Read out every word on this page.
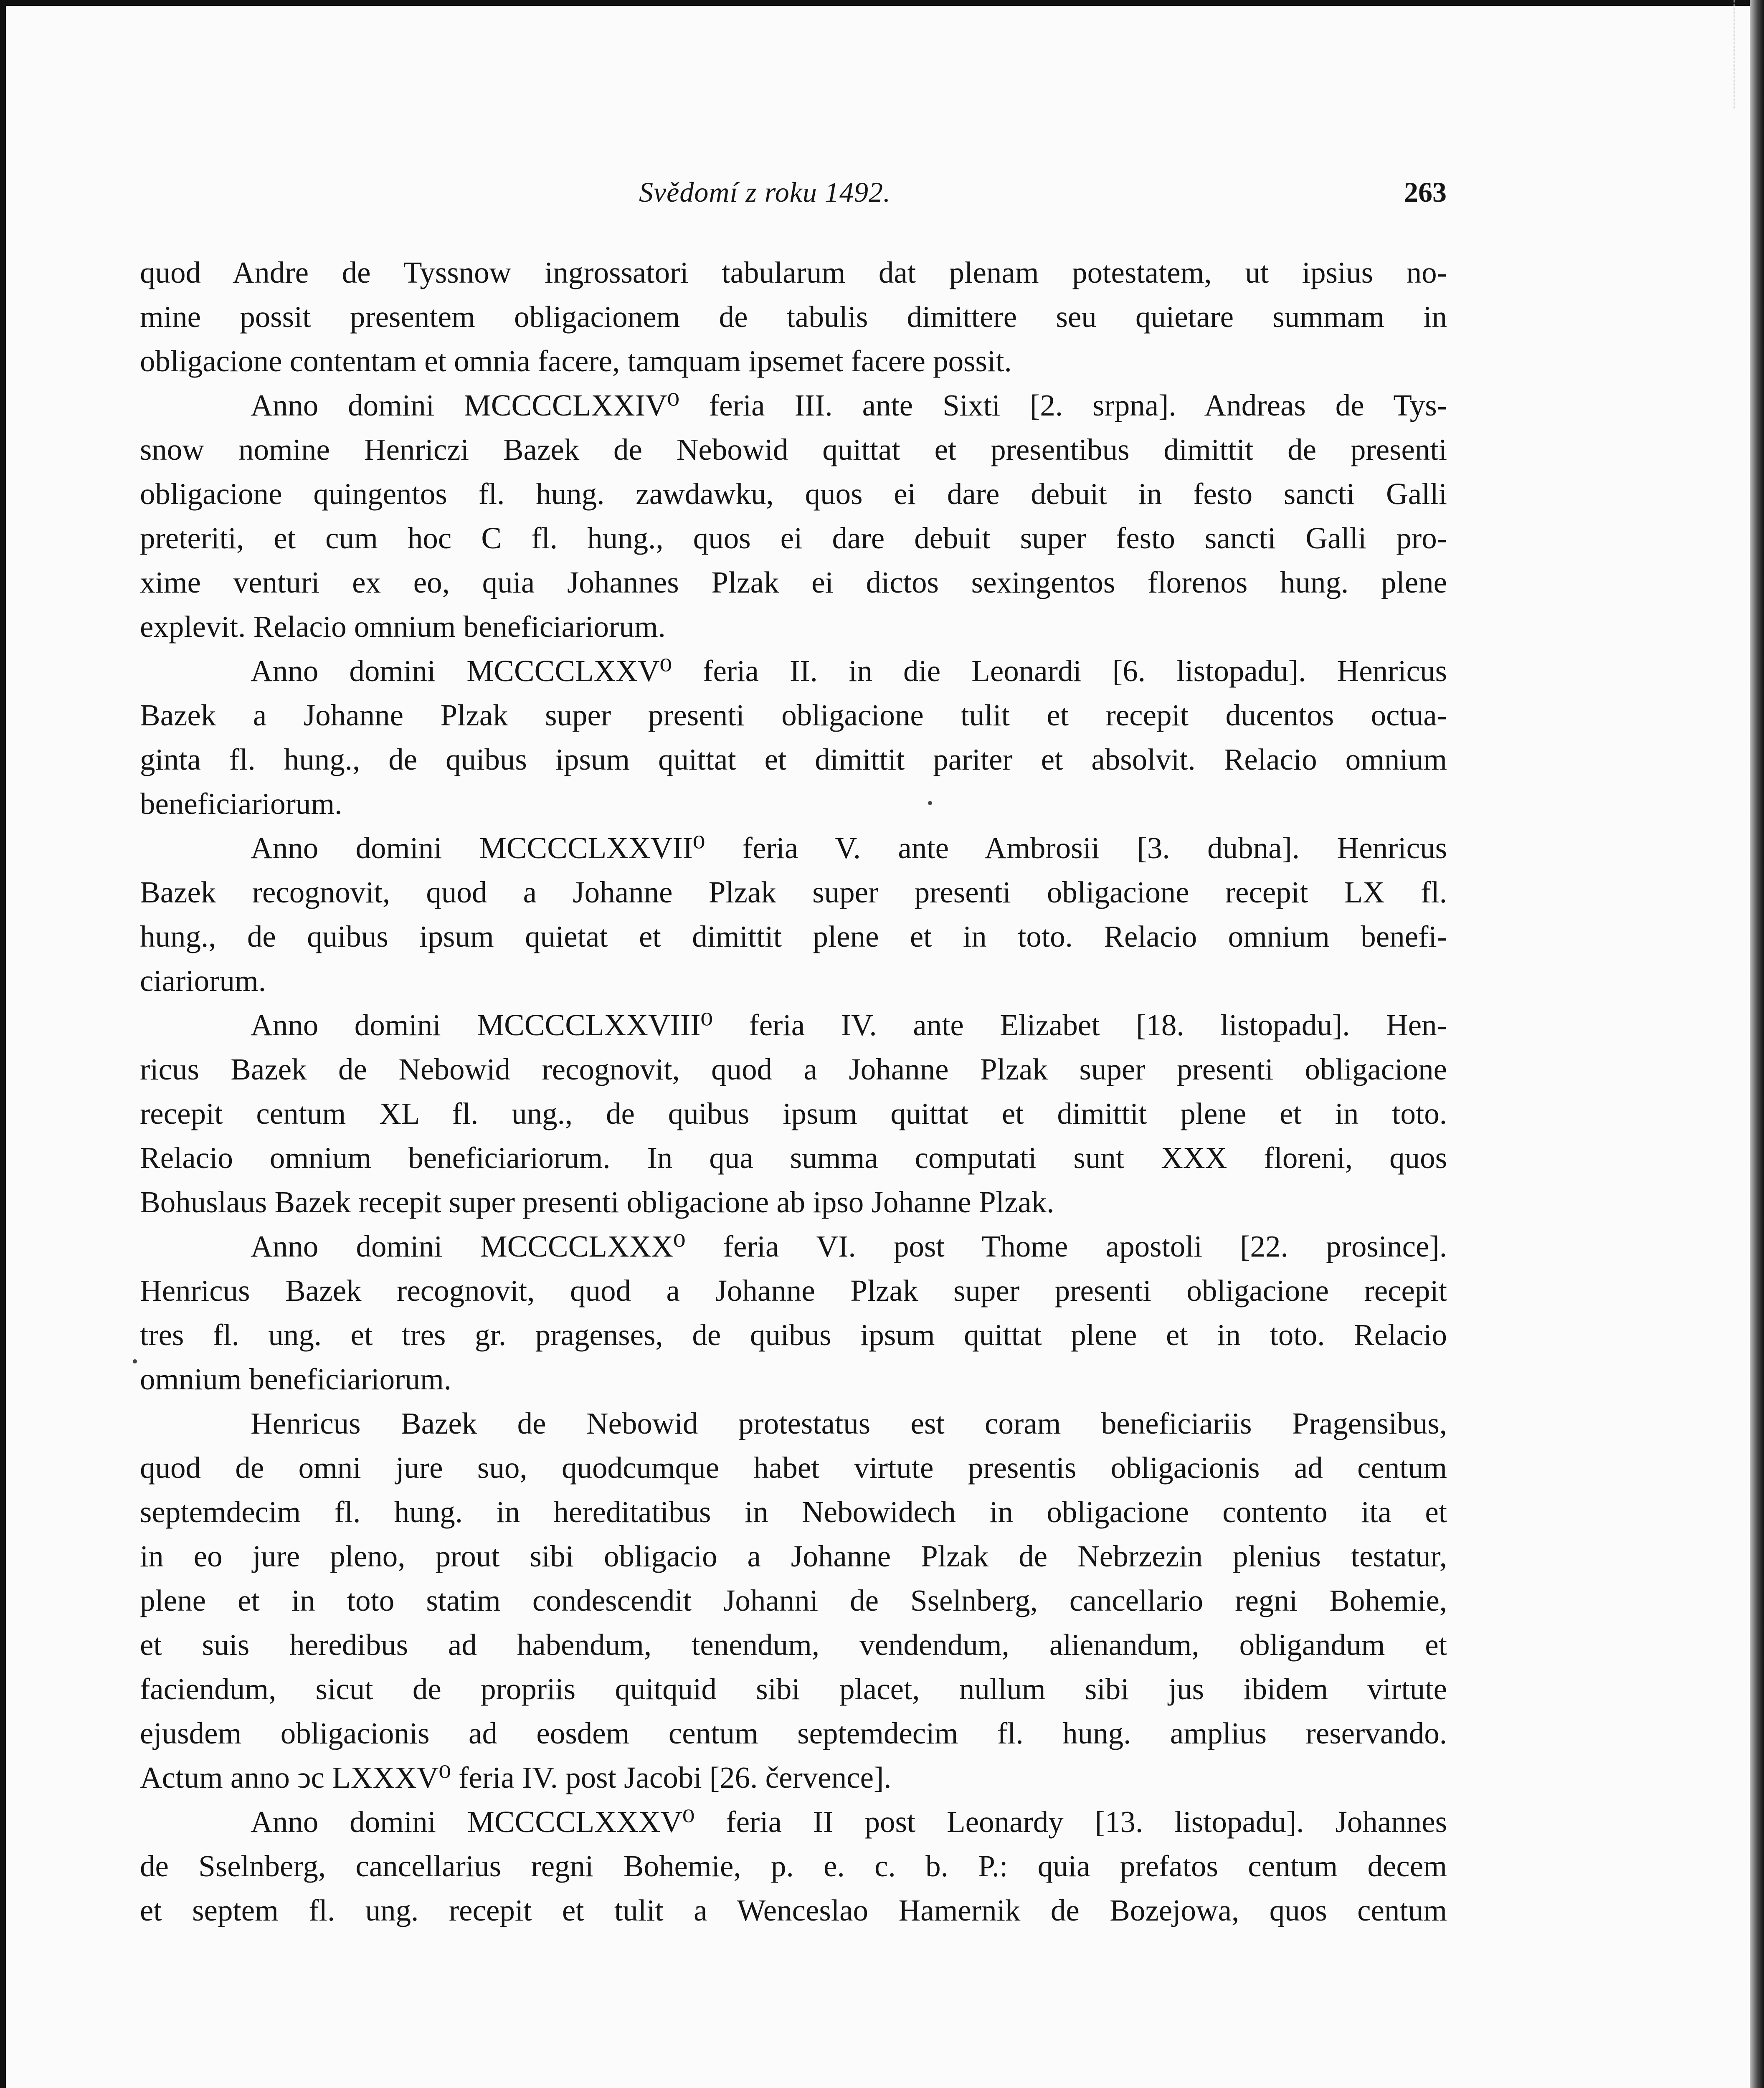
Svědomí z roku 1492.	263
quod Andre de Tyssnow ingrossatori tabularum dat plenam potestatem, ut ipsius no-
mine possit presentem obligacionem de tabulis dimittere seu quietare summam in
obligacione contentam et omnia facere, tamquam ipsemet facere possit.
Anno domini MCCCCLXXIV⁰ feria III. ante Sixti [2. srpna]. Andreas de Tys-
snow nomine Henriczi Bazek de Nebowid quittat et presentibus dimittit de presenti
obligacione quingentos fl. hung. zawdawku, quos ei dare debuit in festo sancti Galli
preteriti, et cum hoc C fl. hung., quos ei dare debuit super festo sancti Galli pro-
xime venturi ex eo, quia Johannes Plzak ei dictos sexingentos florenos hung. plene
explevit. Relacio omnium beneficiariorum.
Anno domini MCCCCLXXV⁰ feria II. in die Leonardi [6. listopadu]. Henricus
Bazek a Johanne Plzak super presenti obligacione tulit et recepit ducentos octua-
ginta fl. hung., de quibus ipsum quittat et dimittit pariter et absolvit. Relacio omnium
beneficiariorum.
Anno domini MCCCCLXXVII⁰ feria V. ante Ambrosii [3. dubna]. Henricus
Bazek recognovit, quod a Johanne Plzak super presenti obligacione recepit LX fl.
hung., de quibus ipsum quietat et dimittit plene et in toto. Relacio omnium benefi-
ciariorum.
Anno domini MCCCCLXXVIII⁰ feria IV. ante Elizabet [18. listopadu]. Hen-
ricus Bazek de Nebowid recognovit, quod a Johanne Plzak super presenti obligacione
recepit centum XL fl. ung., de quibus ipsum quittat et dimittit plene et in toto.
Relacio omnium beneficiariorum. In qua summa computati sunt XXX floreni, quos
Bohuslaus Bazek recepit super presenti obligacione ab ipso Johanne Plzak.
Anno domini MCCCCLXXX⁰ feria VI. post Thome apostoli [22. prosince].
Henricus Bazek recognovit, quod a Johanne Plzak super presenti obligacione recepit
tres fl. ung. et tres gr. pragenses, de quibus ipsum quittat plene et in toto. Relacio
omnium beneficiariorum.
Henricus Bazek de Nebowid protestatus est coram beneficiariis Pragensibus,
quod de omni jure suo, quodcumque habet virtute presentis obligacionis ad centum
septemdecim fl. hung. in hereditatibus in Nebowidech in obligacione contento ita et
in eo jure pleno, prout sibi obligacio a Johanne Plzak de Nebrzezin plenius testatur,
plene et in toto statim condescendit Johanni de Sselnberg, cancellario regni Bohemie,
et suis heredibus ad habendum, tenendum, vendendum, alienandum, obligandum et
faciendum, sicut de propriis quitquid sibi placet, nullum sibi jus ibidem virtute
ejusdem obligacionis ad eosdem centum septemdecim fl. hung. amplius reservando.
Actum anno ↄc LXXXV⁰ feria IV. post Jacobi [26. července].
Anno domini MCCCCLXXXV⁰ feria II post Leonardy [13. listopadu]. Johannes
de Sselnberg, cancellarius regni Bohemie, p. e. c. b. P.: quia prefatos centum decem
et septem fl. ung. recepit et tulit a Wenceslao Hamernik de Bozejowa, quos centum
